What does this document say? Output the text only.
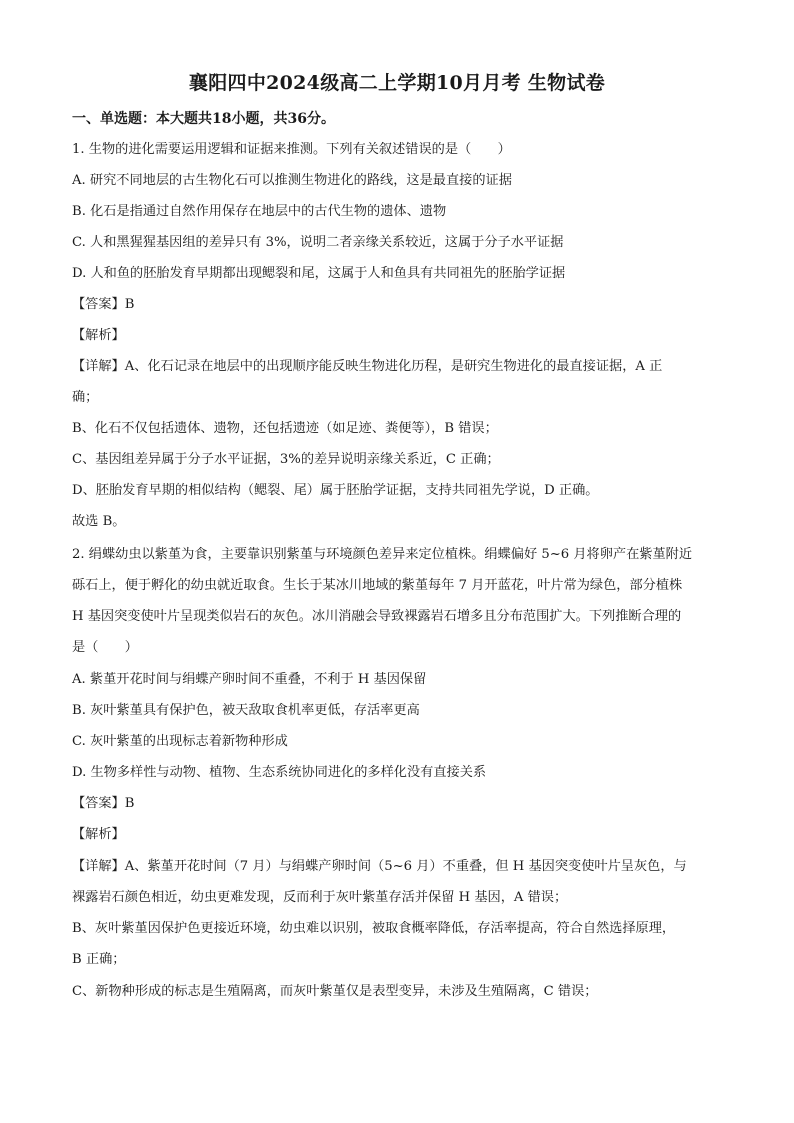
襄阳四中2024级高二上学期10月月考 生物试卷
一、单选题：本大题共18小题，共36分。
1. 生物的进化需要运用逻辑和证据来推测。下列有关叙述错误的是（　　）
A. 研究不同地层的古生物化石可以推测生物进化的路线，这是最直接的证据
B. 化石是指通过自然作用保存在地层中的古代生物的遗体、遗物
C. 人和黑猩猩基因组的差异只有 3%，说明二者亲缘关系较近，这属于分子水平证据
D. 人和鱼的胚胎发育早期都出现鳃裂和尾，这属于人和鱼具有共同祖先的胚胎学证据
【答案】B
【解析】
【详解】A、化石记录在地层中的出现顺序能反映生物进化历程，是研究生物进化的最直接证据，A 正
确；
B、化石不仅包括遗体、遗物，还包括遗迹（如足迹、粪便等），B 错误；
C、基因组差异属于分子水平证据，3%的差异说明亲缘关系近，C 正确；
D、胚胎发育早期的相似结构（鳃裂、尾）属于胚胎学证据，支持共同祖先学说，D 正确。
故选 B。
2. 绢蝶幼虫以紫堇为食，主要靠识别紫堇与环境颜色差异来定位植株。绢蝶偏好 5~6 月将卵产在紫堇附近
砾石上，便于孵化的幼虫就近取食。生长于某冰川地域的紫堇每年 7 月开蓝花，叶片常为绿色，部分植株
H 基因突变使叶片呈现类似岩石的灰色。冰川消融会导致裸露岩石增多且分布范围扩大。下列推断合理的
是（　　）
A. 紫堇开花时间与绢蝶产卵时间不重叠，不利于 H 基因保留
B. 灰叶紫堇具有保护色，被天敌取食机率更低，存活率更高
C. 灰叶紫堇的出现标志着新物种形成
D. 生物多样性与动物、植物、生态系统协同进化的多样化没有直接关系
【答案】B
【解析】
【详解】A、紫堇开花时间（7 月）与绢蝶产卵时间（5~6 月）不重叠，但 H 基因突变使叶片呈灰色，与
裸露岩石颜色相近，幼虫更难发现，反而利于灰叶紫堇存活并保留 H 基因，A 错误；
B、灰叶紫堇因保护色更接近环境，幼虫难以识别，被取食概率降低，存活率提高，符合自然选择原理，
B 正确；
C、新物种形成的标志是生殖隔离，而灰叶紫堇仅是表型变异，未涉及生殖隔离，C 错误；
